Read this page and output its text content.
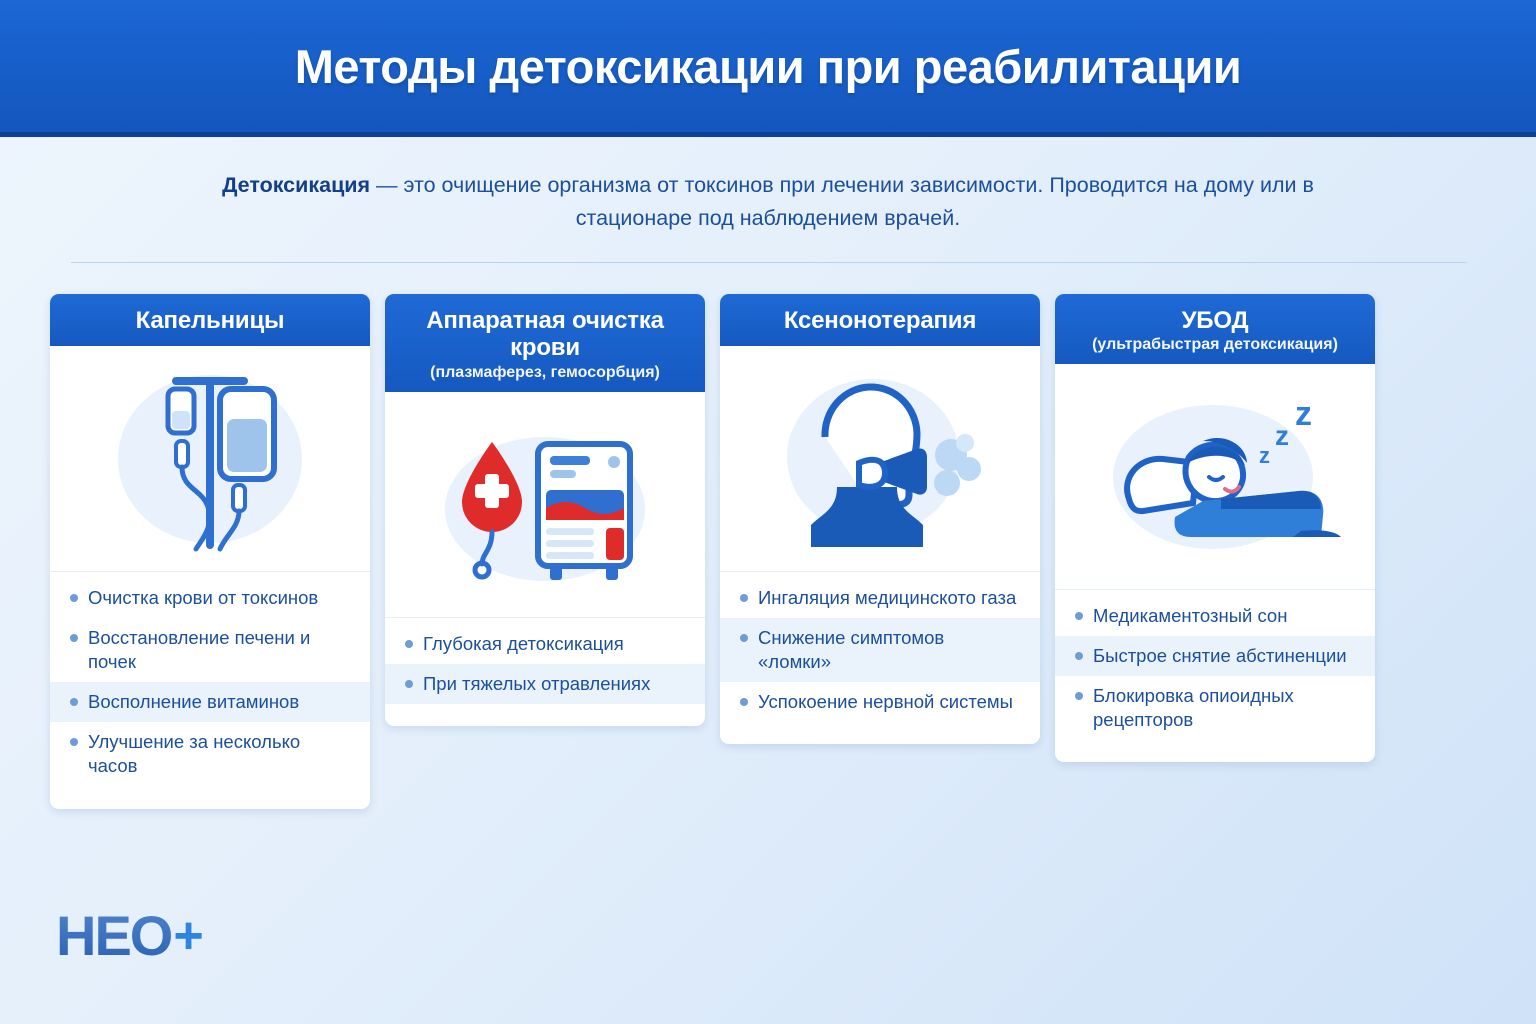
Методы детоксикации при реабилитации
Детоксикация — это очищение организма от токсинов при лечении зависимости. Проводится на дому или в стационаре под наблюдением врачей.
Капельницы
Очистка крови от токсинов
Восстановление печени и почек
Восполнение витаминов
Улучшение за несколько часов
Аппаратная очистка крови
(плазмаферез, гемосорбция)
Глубокая детоксикация
При тяжелых отравлениях
Ксенонотерапия
Ингаляция медицинското газа
Снижение симптомов «ломки»
Успокоение нервной системы
УБОД
(ультрабыстрая детоксикация)
z
z
z
Медикаментозный сон
Быстрое снятие абстиненции
Блокировка опиоидных рецепторов
HEO +
